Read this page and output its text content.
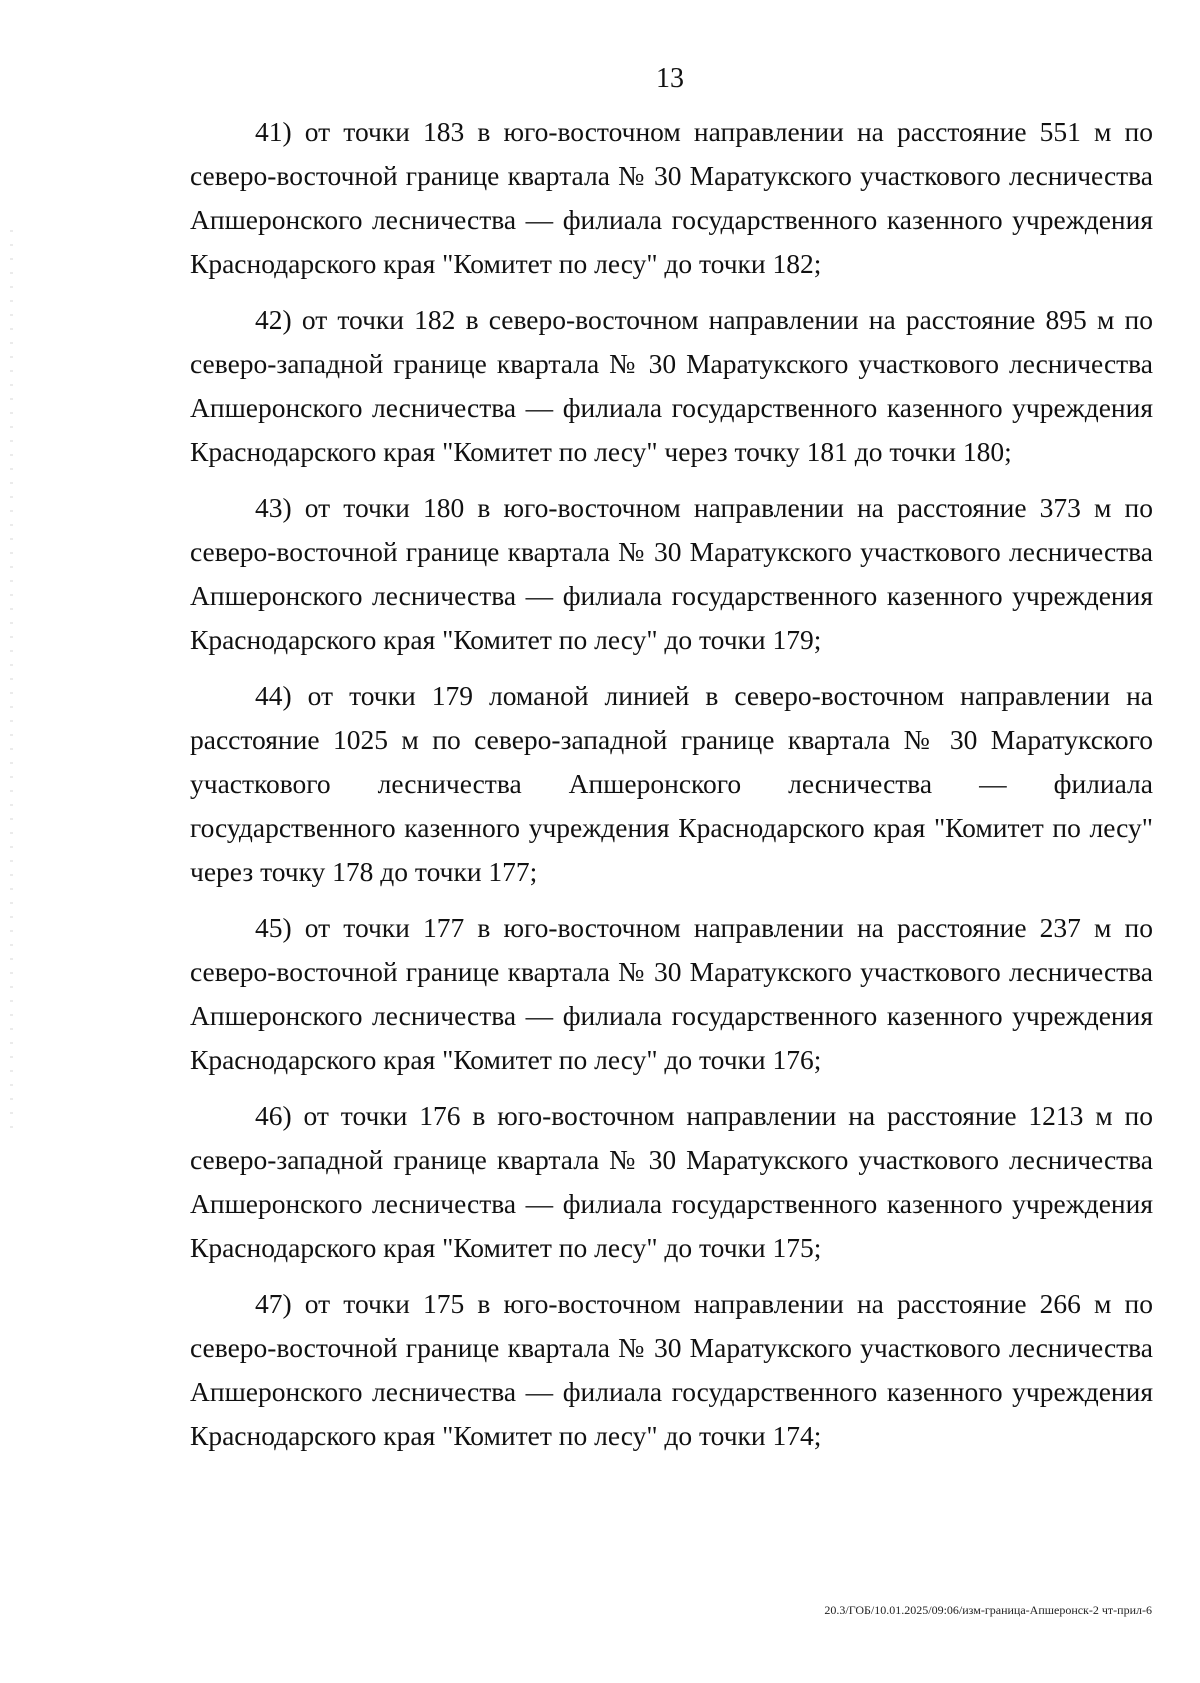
13

41) от точки 183 в юго-восточном направлении на расстояние 551 м по северо-восточной границе квартала № 30 Маратукского участкового лесничества Апшеронского лесничества — филиала государственного казенного учреждения Краснодарского края "Комитет по лесу" до точки 182;

42) от точки 182 в северо-восточном направлении на расстояние 895 м по северо-западной границе квартала № 30 Маратукского участкового лесничества Апшеронского лесничества — филиала государственного казенного учреждения Краснодарского края "Комитет по лесу" через точку 181 до точки 180;

43) от точки 180 в юго-восточном направлении на расстояние 373 м по северо-восточной границе квартала № 30 Маратукского участкового лесничества Апшеронского лесничества — филиала государственного казенного учреждения Краснодарского края "Комитет по лесу" до точки 179;

44) от точки 179 ломаной линией в северо-восточном направлении на расстояние 1025 м по северо-западной границе квартала № 30 Маратукского участкового лесничества Апшеронского лесничества — филиала государственного казенного учреждения Краснодарского края "Комитет по лесу" через точку 178 до точки 177;

45) от точки 177 в юго-восточном направлении на расстояние 237 м по северо-восточной границе квартала № 30 Маратукского участкового лесничества Апшеронского лесничества — филиала государственного казенного учреждения Краснодарского края "Комитет по лесу" до точки 176;

46) от точки 176 в юго-восточном направлении на расстояние 1213 м по северо-западной границе квартала № 30 Маратукского участкового лесничества Апшеронского лесничества — филиала государственного казенного учреждения Краснодарского края "Комитет по лесу" до точки 175;

47) от точки 175 в юго-восточном направлении на расстояние 266 м по северо-восточной границе квартала № 30 Маратукского участкового лесничества Апшеронского лесничества — филиала государственного казенного учреждения Краснодарского края "Комитет по лесу" до точки 174;

20.3/ГОБ/10.01.2025/09:06/изм-граница-Апшеронск-2 чт-прил-6
